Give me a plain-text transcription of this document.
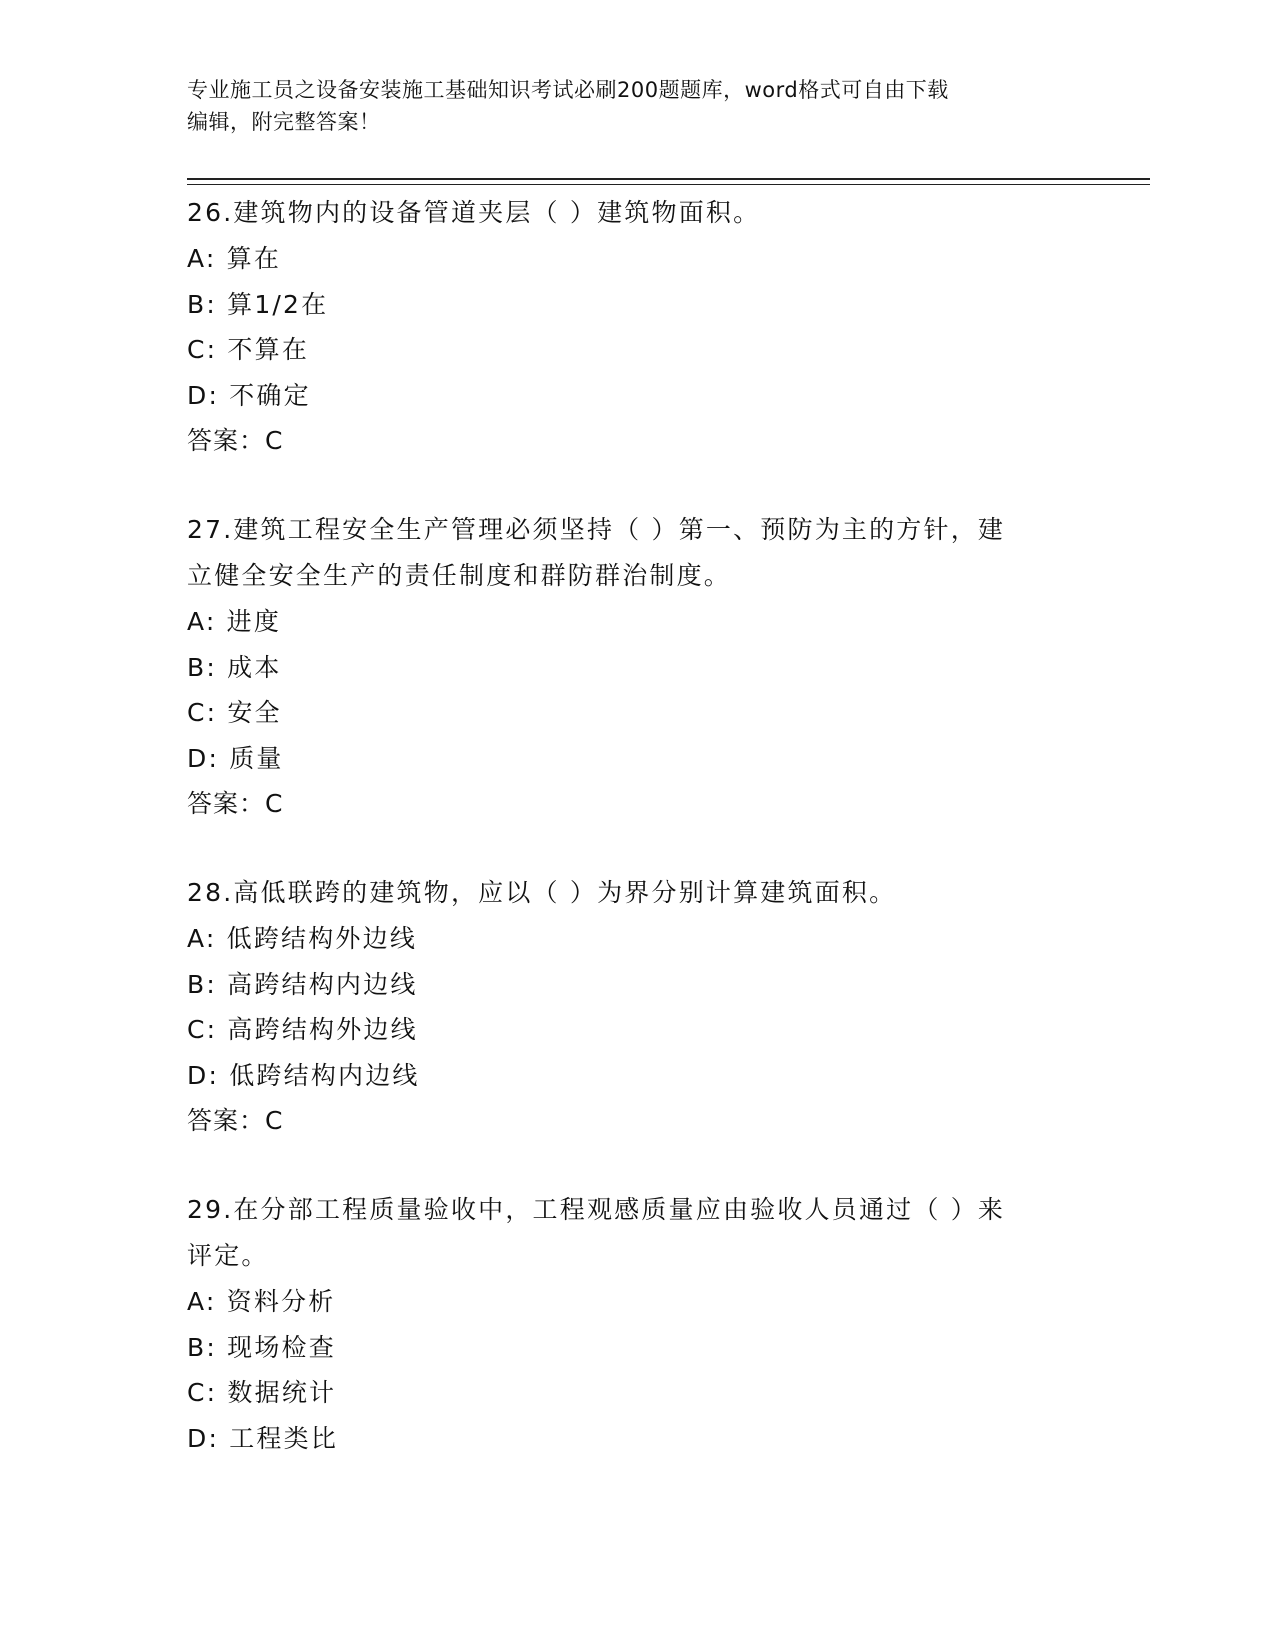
专业施工员之设备安装施工基础知识考试必刷200题题库，word格式可自由下载
编辑，附完整答案！

26.建筑物内的设备管道夹层（ ）建筑物面积。

A: 算在

B: 算1/2在

C: 不算在

D: 不确定

答案：C

27.建筑工程安全生产管理必须坚持（ ）第一、预防为主的方针，建

立健全安全生产的责任制度和群防群治制度。

A: 进度

B: 成本

C: 安全

D: 质量

答案：C

28.高低联跨的建筑物，应以（ ）为界分别计算建筑面积。

A: 低跨结构外边线

B: 高跨结构内边线

C: 高跨结构外边线

D: 低跨结构内边线

答案：C

29.在分部工程质量验收中，工程观感质量应由验收人员通过（ ）来

评定。

A: 资料分析

B: 现场检查

C: 数据统计

D: 工程类比
